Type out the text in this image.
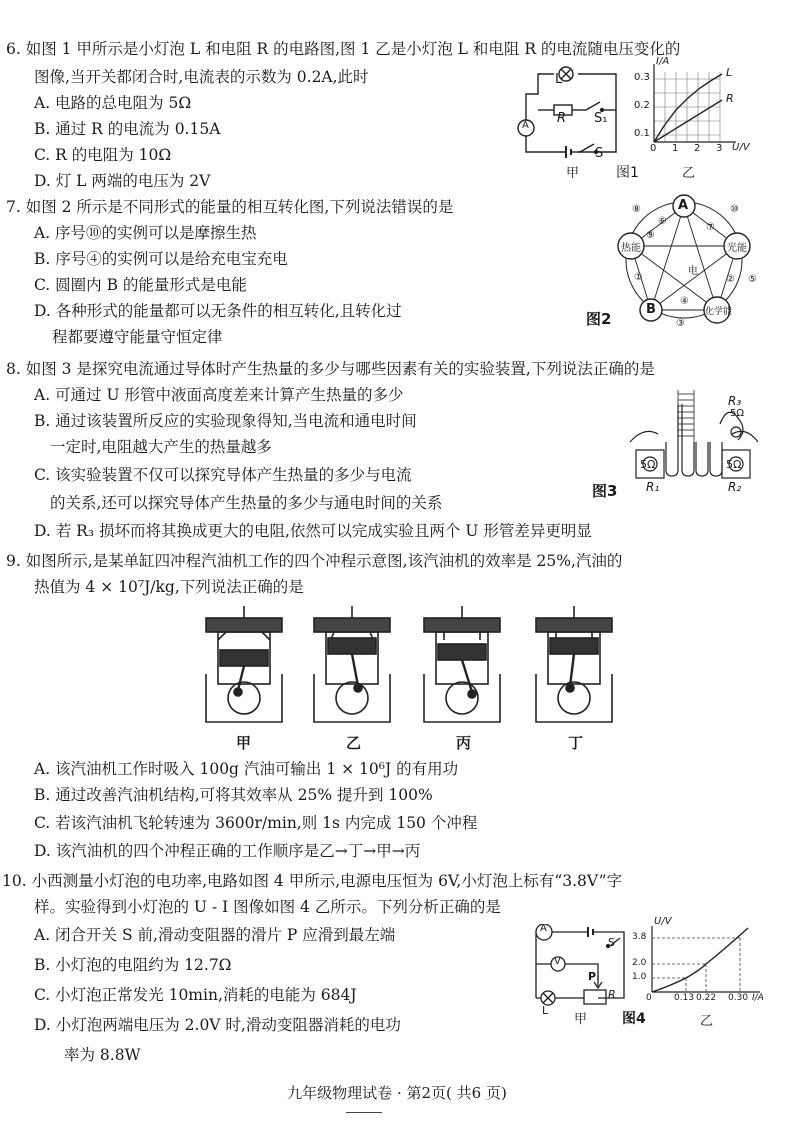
6. 如图 1 甲所示是小灯泡 L 和电阻 R 的电路图,图 1 乙是小灯泡 L 和电阻 R 的电流随电压变化的
图像,当开关都闭合时,电流表的示数为 0.2A,此时
A. 电路的总电阻为 5Ω
B. 通过 R 的电流为 0.15A
C. R 的电阻为 10Ω
D. 灯 L 两端的电压为 2V
L
R S₁
S
A
甲	图1
I/A
U/V
0.3
0.2
0.1
0 1 2 3
L
R
乙
7. 如图 2 所示是不同形式的能量的相互转化图,下列说法错误的是
A. 序号⑩的实例可以是摩擦生热
B. 序号④的实例可以是给充电宝充电
C. 圆圈内 B 的能量形式是电能
D. 各种形式的能量都可以无条件的相互转化,且转化过
程都要遵守能量守恒定律
A
光能
化学能
B
热能
电
⑧	⑩
⑥
⑦
⑨
⑤
①	②
③
④
图2
8. 如图 3 是探究电流通过导体时产生热量的多少与哪些因素有关的实验装置,下列说法正确的是
A. 可通过 U 形管中液面高度差来计算产生热量的多少
B. 通过该装置所反应的实验现象得知,当电流和通电时间
一定时,电阻越大产生的热量越多
C. 该实验装置不仅可以探究导体产生热量的多少与电流
的关系,还可以探究导体产生热量的多少与通电时间的关系
D. 若 R₃ 损坏而将其换成更大的电阻,依然可以完成实验且两个 U 形管差异更明显
R₃
5Ω
5Ω	5Ω
R₁	R₂
图3
9. 如图所示,是某单缸四冲程汽油机工作的四个冲程示意图,该汽油机的效率是 25%,汽油的
热值为 4 × 10⁷J/kg,下列说法正确的是
甲	乙	丙	丁
A. 该汽油机工作时吸入 100g 汽油可输出 1 × 10⁶J 的有用功
B. 通过改善汽油机结构,可将其效率从 25% 提升到 100%
C. 若该汽油机飞轮转速为 3600r/min,则 1s 内完成 150 个冲程
D. 该汽油机的四个冲程正确的工作顺序是乙→丁→甲→丙
10. 小西测量小灯泡的电功率,电路如图 4 甲所示,电源电压恒为 6V,小灯泡上标有“3.8V”字
样。实验得到小灯泡的 U - I 图像如图 4 乙所示。下列分析正确的是
A. 闭合开关 S 前,滑动变阻器的滑片 P 应滑到最左端
B. 小灯泡的电阻约为 12.7Ω
C. 小灯泡正常发光 10min,消耗的电能为 684J
D. 小灯泡两端电压为 2.0V 时,滑动变阻器消耗的电功
率为 8.8W
A
V
S
P
R
L
甲 图4
U/V
3.8
2.0
1.0
0 0.13 0.22 0.30 I/A
乙
九年级物理试卷 · 第2页( 共6 页)
